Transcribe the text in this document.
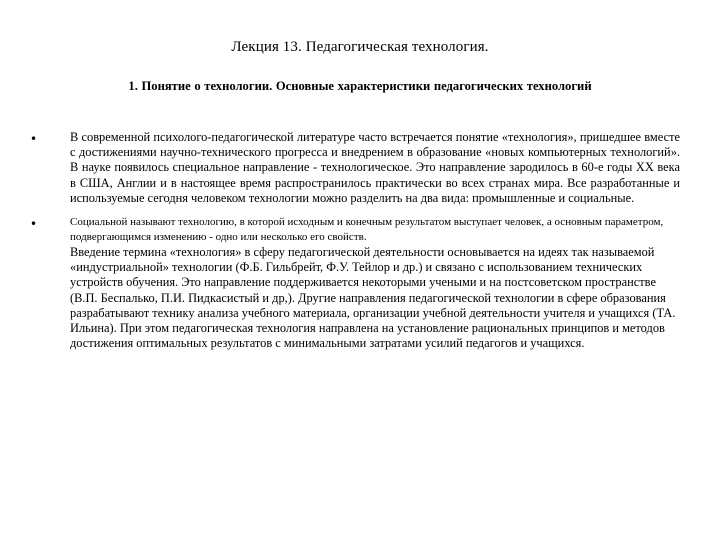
Лекция 13. Педагогическая технология.
1. Понятие о технологии. Основные характеристики педагогических технологий
•	В современной психолого-педагогической литературе часто встречается понятие «технология», пришедшее вместе с достижениями научно-технического прогресса и внедрением в образование «новых компьютерных технологий». В науке появилось специальное направление - технологическое. Это направление зародилось в 60-е годы XX века в США, Англии и в настоящее время распространилось практически во всех странах мира. Все разработанные и используемые сегодня человеком технологии можно разделить на два вида: промышленные и социальные.
•	Социальной называют технологию, в которой исходным и конечным результатом выступает человек, а основным параметром, подвергающимся изменению - одно или несколько его свойств.
Введение термина «технология» в сферу педагогической деятельности основывается на идеях так называемой «индустриальной» технологии (Ф.Б. Гильбрейт, Ф.У. Тейлор и др.) и связано с использованием технических устройств обучения. Это направление поддерживается некоторыми учеными и на постсоветском пространстве (В.П. Беспалько, П.И. Пидкасистый и др,). Другие направления педагогической технологии в сфере образования разрабатывают технику анализа учебного материала, организации учебной деятельности учителя и учащихся (ТА. Ильина). При этом педагогическая технология направлена на установление рациональных принципов и методов достижения оптимальных результатов с минимальными затратами усилий педагогов и учащихся.
